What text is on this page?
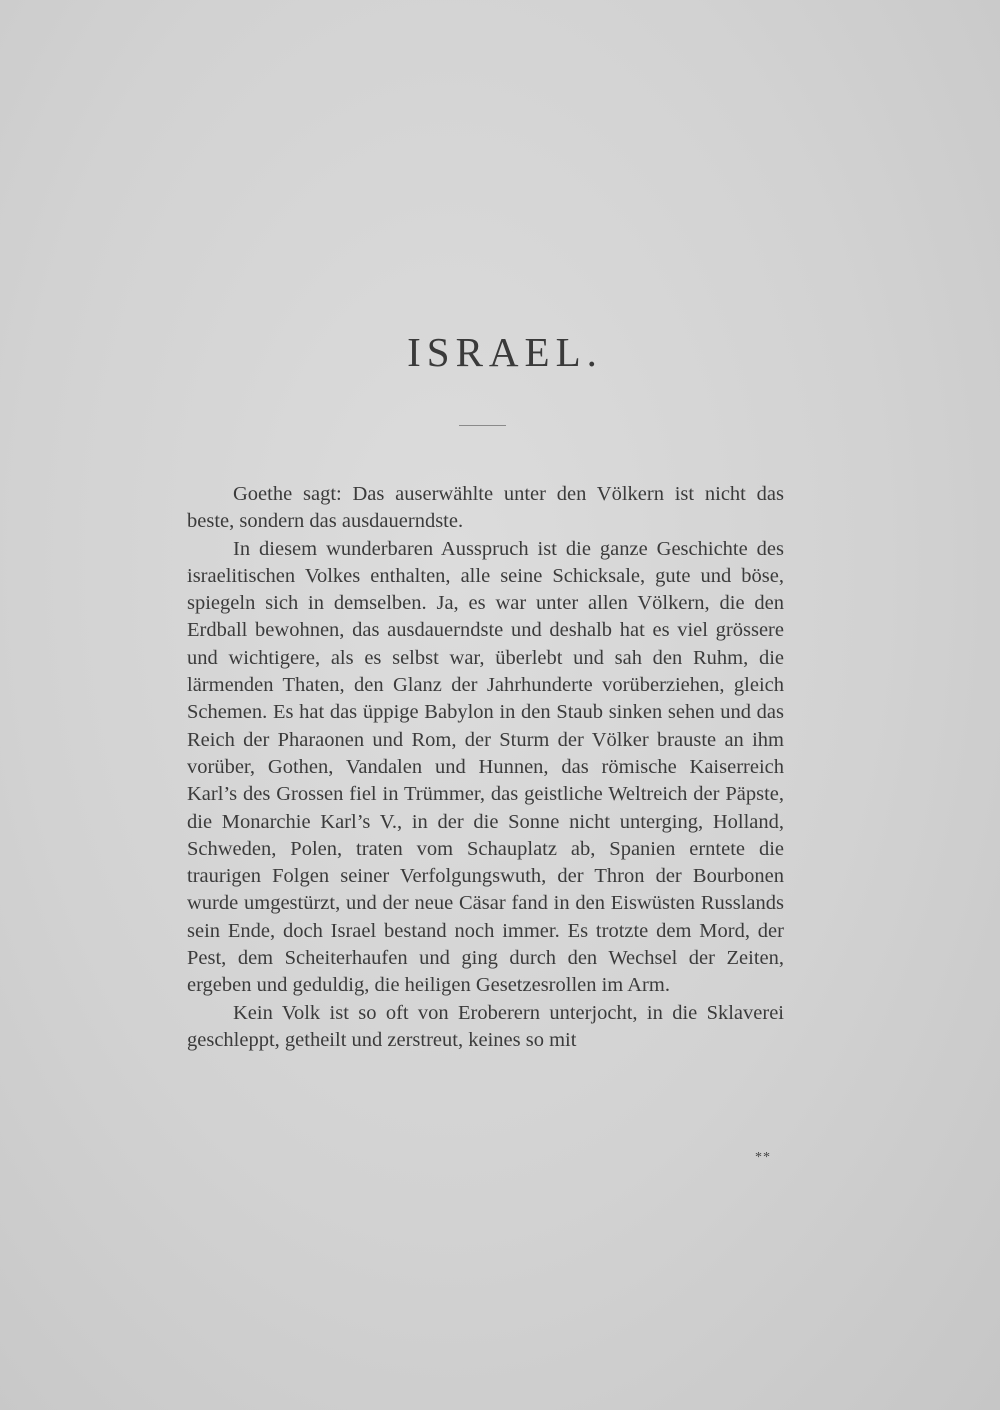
ISRAEL.

Goethe sagt: Das auserwählte unter den Völkern ist nicht das beste, sondern das ausdauerndste.

In diesem wunderbaren Ausspruch ist die ganze Geschichte des israelitischen Volkes enthalten, alle seine Schicksale, gute und böse, spiegeln sich in demselben. Ja, es war unter allen Völkern, die den Erdball bewohnen, das ausdauerndste und deshalb hat es viel grössere und wichtigere, als es selbst war, überlebt und sah den Ruhm, die lärmenden Thaten, den Glanz der Jahrhunderte vorüberziehen, gleich Schemen. Es hat das üppige Babylon in den Staub sinken sehen und das Reich der Pharaonen und Rom, der Sturm der Völker brauste an ihm vorüber, Gothen, Vandalen und Hunnen, das römische Kaiserreich Karl’s des Grossen fiel in Trümmer, das geistliche Weltreich der Päpste, die Monarchie Karl’s V., in der die Sonne nicht unterging, Holland, Schweden, Polen, traten vom Schauplatz ab, Spanien erntete die traurigen Folgen seiner Verfolgungswuth, der Thron der Bourbonen wurde umgestürzt, und der neue Cäsar fand in den Eiswüsten Russlands sein Ende, doch Israel bestand noch immer. Es trotzte dem Mord, der Pest, dem Scheiterhaufen und ging durch den Wechsel der Zeiten, ergeben und geduldig, die heiligen Gesetzesrollen im Arm.

Kein Volk ist so oft von Eroberern unterjocht, in die Sklaverei geschleppt, getheilt und zerstreut, keines so mit

**
